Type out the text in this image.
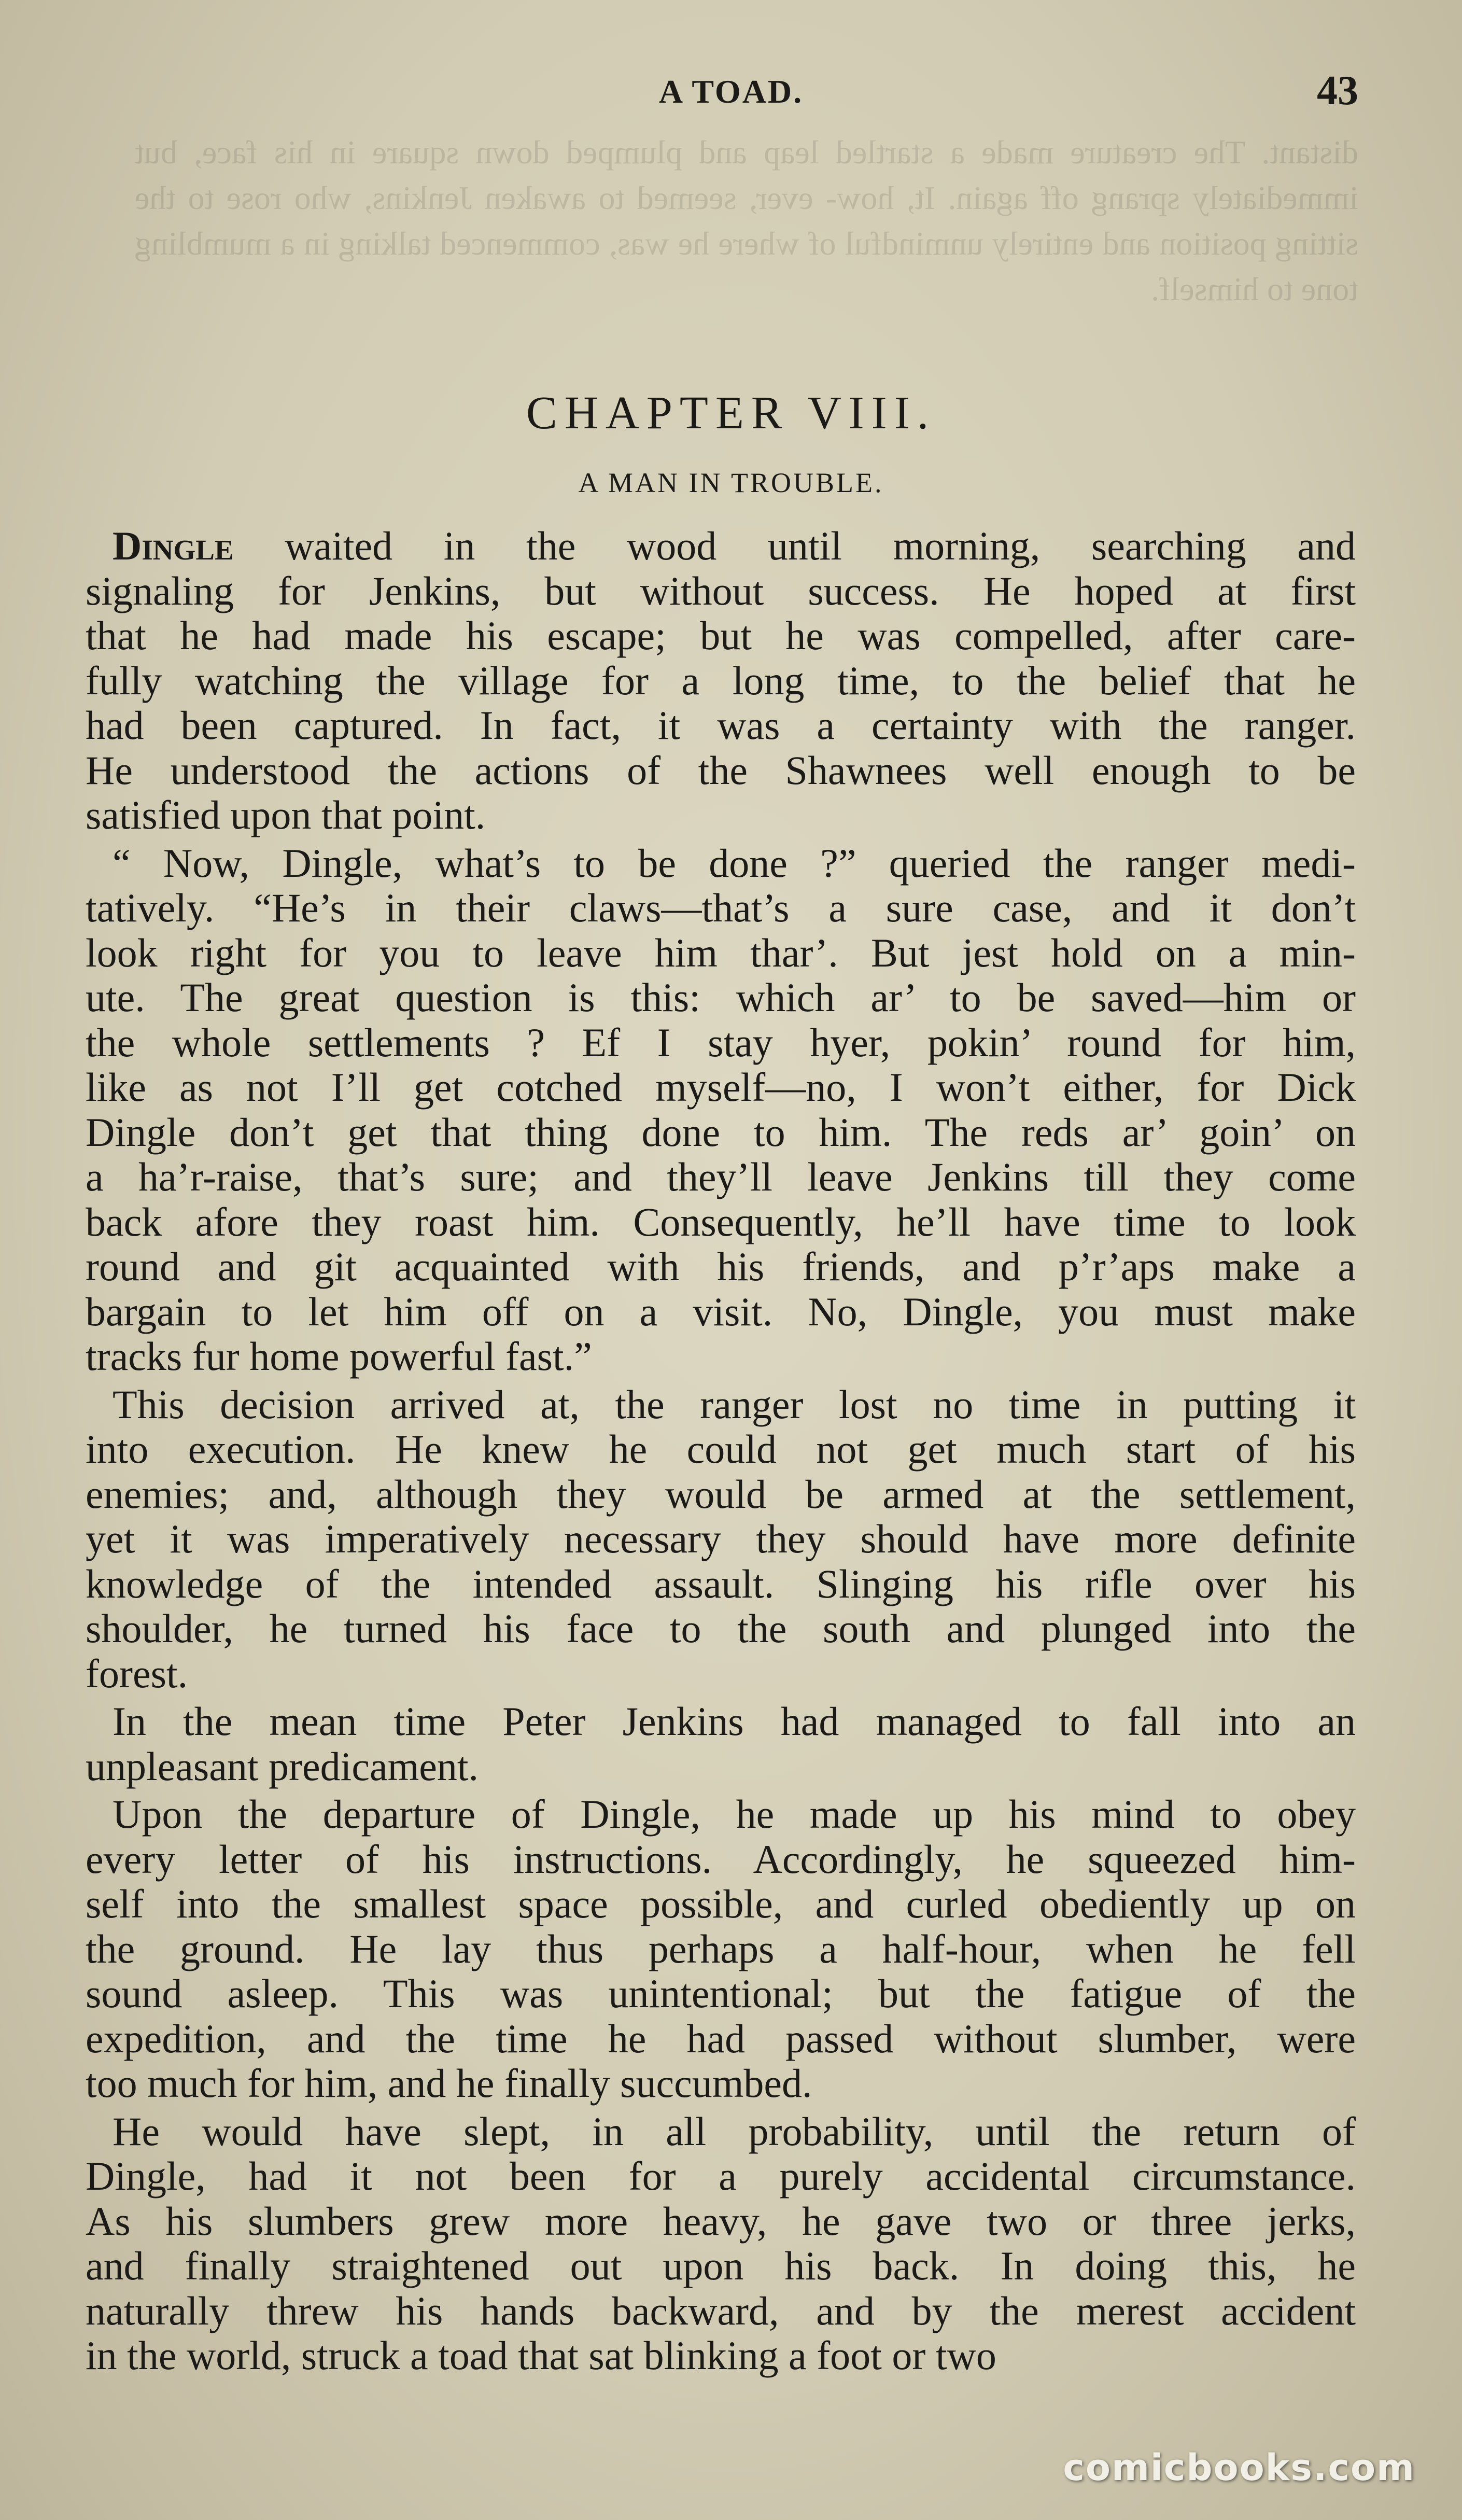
distant. The creature made a startled leap and plumped down square in his face, but immediately sprang off again. It, how- ever, seemed to awaken Jenkins, who rose to the sitting position and entirely unmindful of where he was, commenced talking in a mumbling tone to himself.
A TOAD.	43
CHAPTER VIII.
A MAN IN TROUBLE.
Dingle waited in the wood until morning, searching and
signaling for Jenkins, but without success. He hoped at first
that he had made his escape; but he was compelled, after care-
fully watching the village for a long time, to the belief that he
had been captured. In fact, it was a certainty with the ranger.
He understood the actions of the Shawnees well enough to be
satisfied upon that point.
“ Now, Dingle, what’s to be done ?” queried the ranger medi-
tatively. “He’s in their claws—that’s a sure case, and it don’t
look right for you to leave him thar’. But jest hold on a min-
ute. The great question is this: which ar’ to be saved—him or
the whole settlements ? Ef I stay hyer, pokin’ round for him,
like as not I’ll get cotched myself—no, I won’t either, for Dick
Dingle don’t get that thing done to him. The reds ar’ goin’ on
a ha’r-raise, that’s sure; and they’ll leave Jenkins till they come
back afore they roast him. Consequently, he’ll have time to look
round and git acquainted with his friends, and p’r’aps make a
bargain to let him off on a visit. No, Dingle, you must make
tracks fur home powerful fast.”
This decision arrived at, the ranger lost no time in putting it
into execution. He knew he could not get much start of his
enemies; and, although they would be armed at the settlement,
yet it was imperatively necessary they should have more definite
knowledge of the intended assault. Slinging his rifle over his
shoulder, he turned his face to the south and plunged into the
forest.
In the mean time Peter Jenkins had managed to fall into an
unpleasant predicament.
Upon the departure of Dingle, he made up his mind to obey
every letter of his instructions. Accordingly, he squeezed him-
self into the smallest space possible, and curled obediently up on
the ground. He lay thus perhaps a half-hour, when he fell
sound asleep. This was unintentional; but the fatigue of the
expedition, and the time he had passed without slumber, were
too much for him, and he finally succumbed.
He would have slept, in all probability, until the return of
Dingle, had it not been for a purely accidental circumstance.
As his slumbers grew more heavy, he gave two or three jerks,
and finally straightened out upon his back. In doing this, he
naturally threw his hands backward, and by the merest accident
in the world, struck a toad that sat blinking a foot or two
comicbooks.com
